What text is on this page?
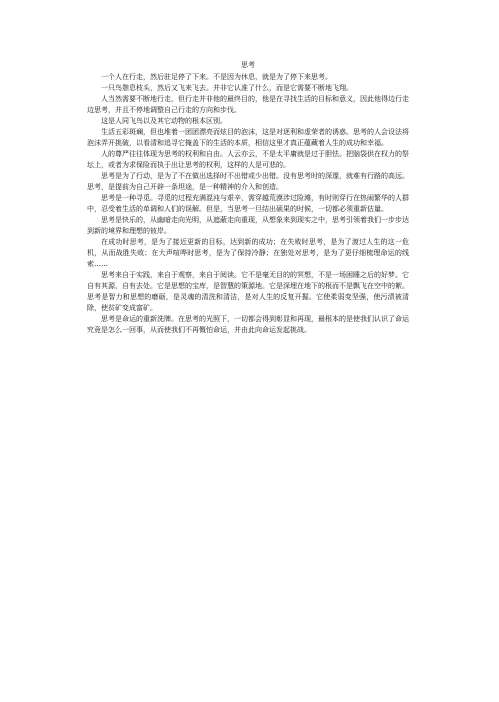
思考

一个人在行走，然后驻足停了下来。不是因为休息，就是为了停下来思考。

一只鸟憩息枝头，然后又飞来飞去。并非它认准了什么，而是它需要不断地飞翔。

人当然需要不断地行走，但行走并非他的最终目的，他是在寻找生活的目标和意义，因此他得边行走边思考，并且不停地调整自己行走的方向和步伐。

这是人同飞鸟以及其它动物的根本区别。

生活五彩斑斓，但也堆着一团团漂亮而炫目的泡沫，这是对逐利和虚荣者的诱惑。思考的人会设法将泡沫弄开挑破，以看清和追寻它掩盖下的生活的本质，相信这里才真正蕴藏着人生的成功和幸福。

人的尊严往往体现为思考的权利和自由。人云亦云，不是太平庸就是过于胆怯。把脑袋供在权力的祭坛上，或者为求保险而执于出让思考的权利，这样的人是可悲的。

思考是为了行动，是为了不在做出选择时不出错或少出错。没有思考时的深邃，就难有行路的高远。思考，是提前为自己开辟一条坦途，是一种精神的介入和创造。

思考是一种寻觅。寻觅的过程充满混沌与艰辛，需穿越荒漠涉过险滩，有时则穿行在热闹繁华的人群中，忍受着生活的单调和人们的误解。但是，当思考一旦结出硕果的时候，一切都必须重新估量。

思考是快乐的，从幽暗走向光明，从遮蔽走向重现，从想象来到现实之中，思考引领着我们一步步达到新的境界和理想的彼岸。

在成功时思考，是为了接近更新的目标，达到新的成功；在失败时思考，是为了渡过人生的这一危机，从而战胜失败；在大声喧哗时思考，是为了保持冷静；在独处对思考，是为了更仔细梳理命运的线索……

思考来自于实践，来自于观察，来自于阅读。它不是毫无目的的冥想，不是一场困睡之后的好梦。它自有其源，自有去处。它是思想的宝库，是智慧的策源地。它是深埋在地下的根而不是飘飞在空中的絮。思考是智力和思想的磨砺，是灵魂的清洗和清洁，是对人生的反复开掘。它使柔弱变坚强，使污渍被清除，使贫矿变成富矿。

思考是命运的重新洗牌。在思考的光照下，一切都会得到彰显和再现，最根本的是使我们认识了命运究竟是怎么一回事，从而使我们不再慨怕命运，并由此向命运发起挑战。
